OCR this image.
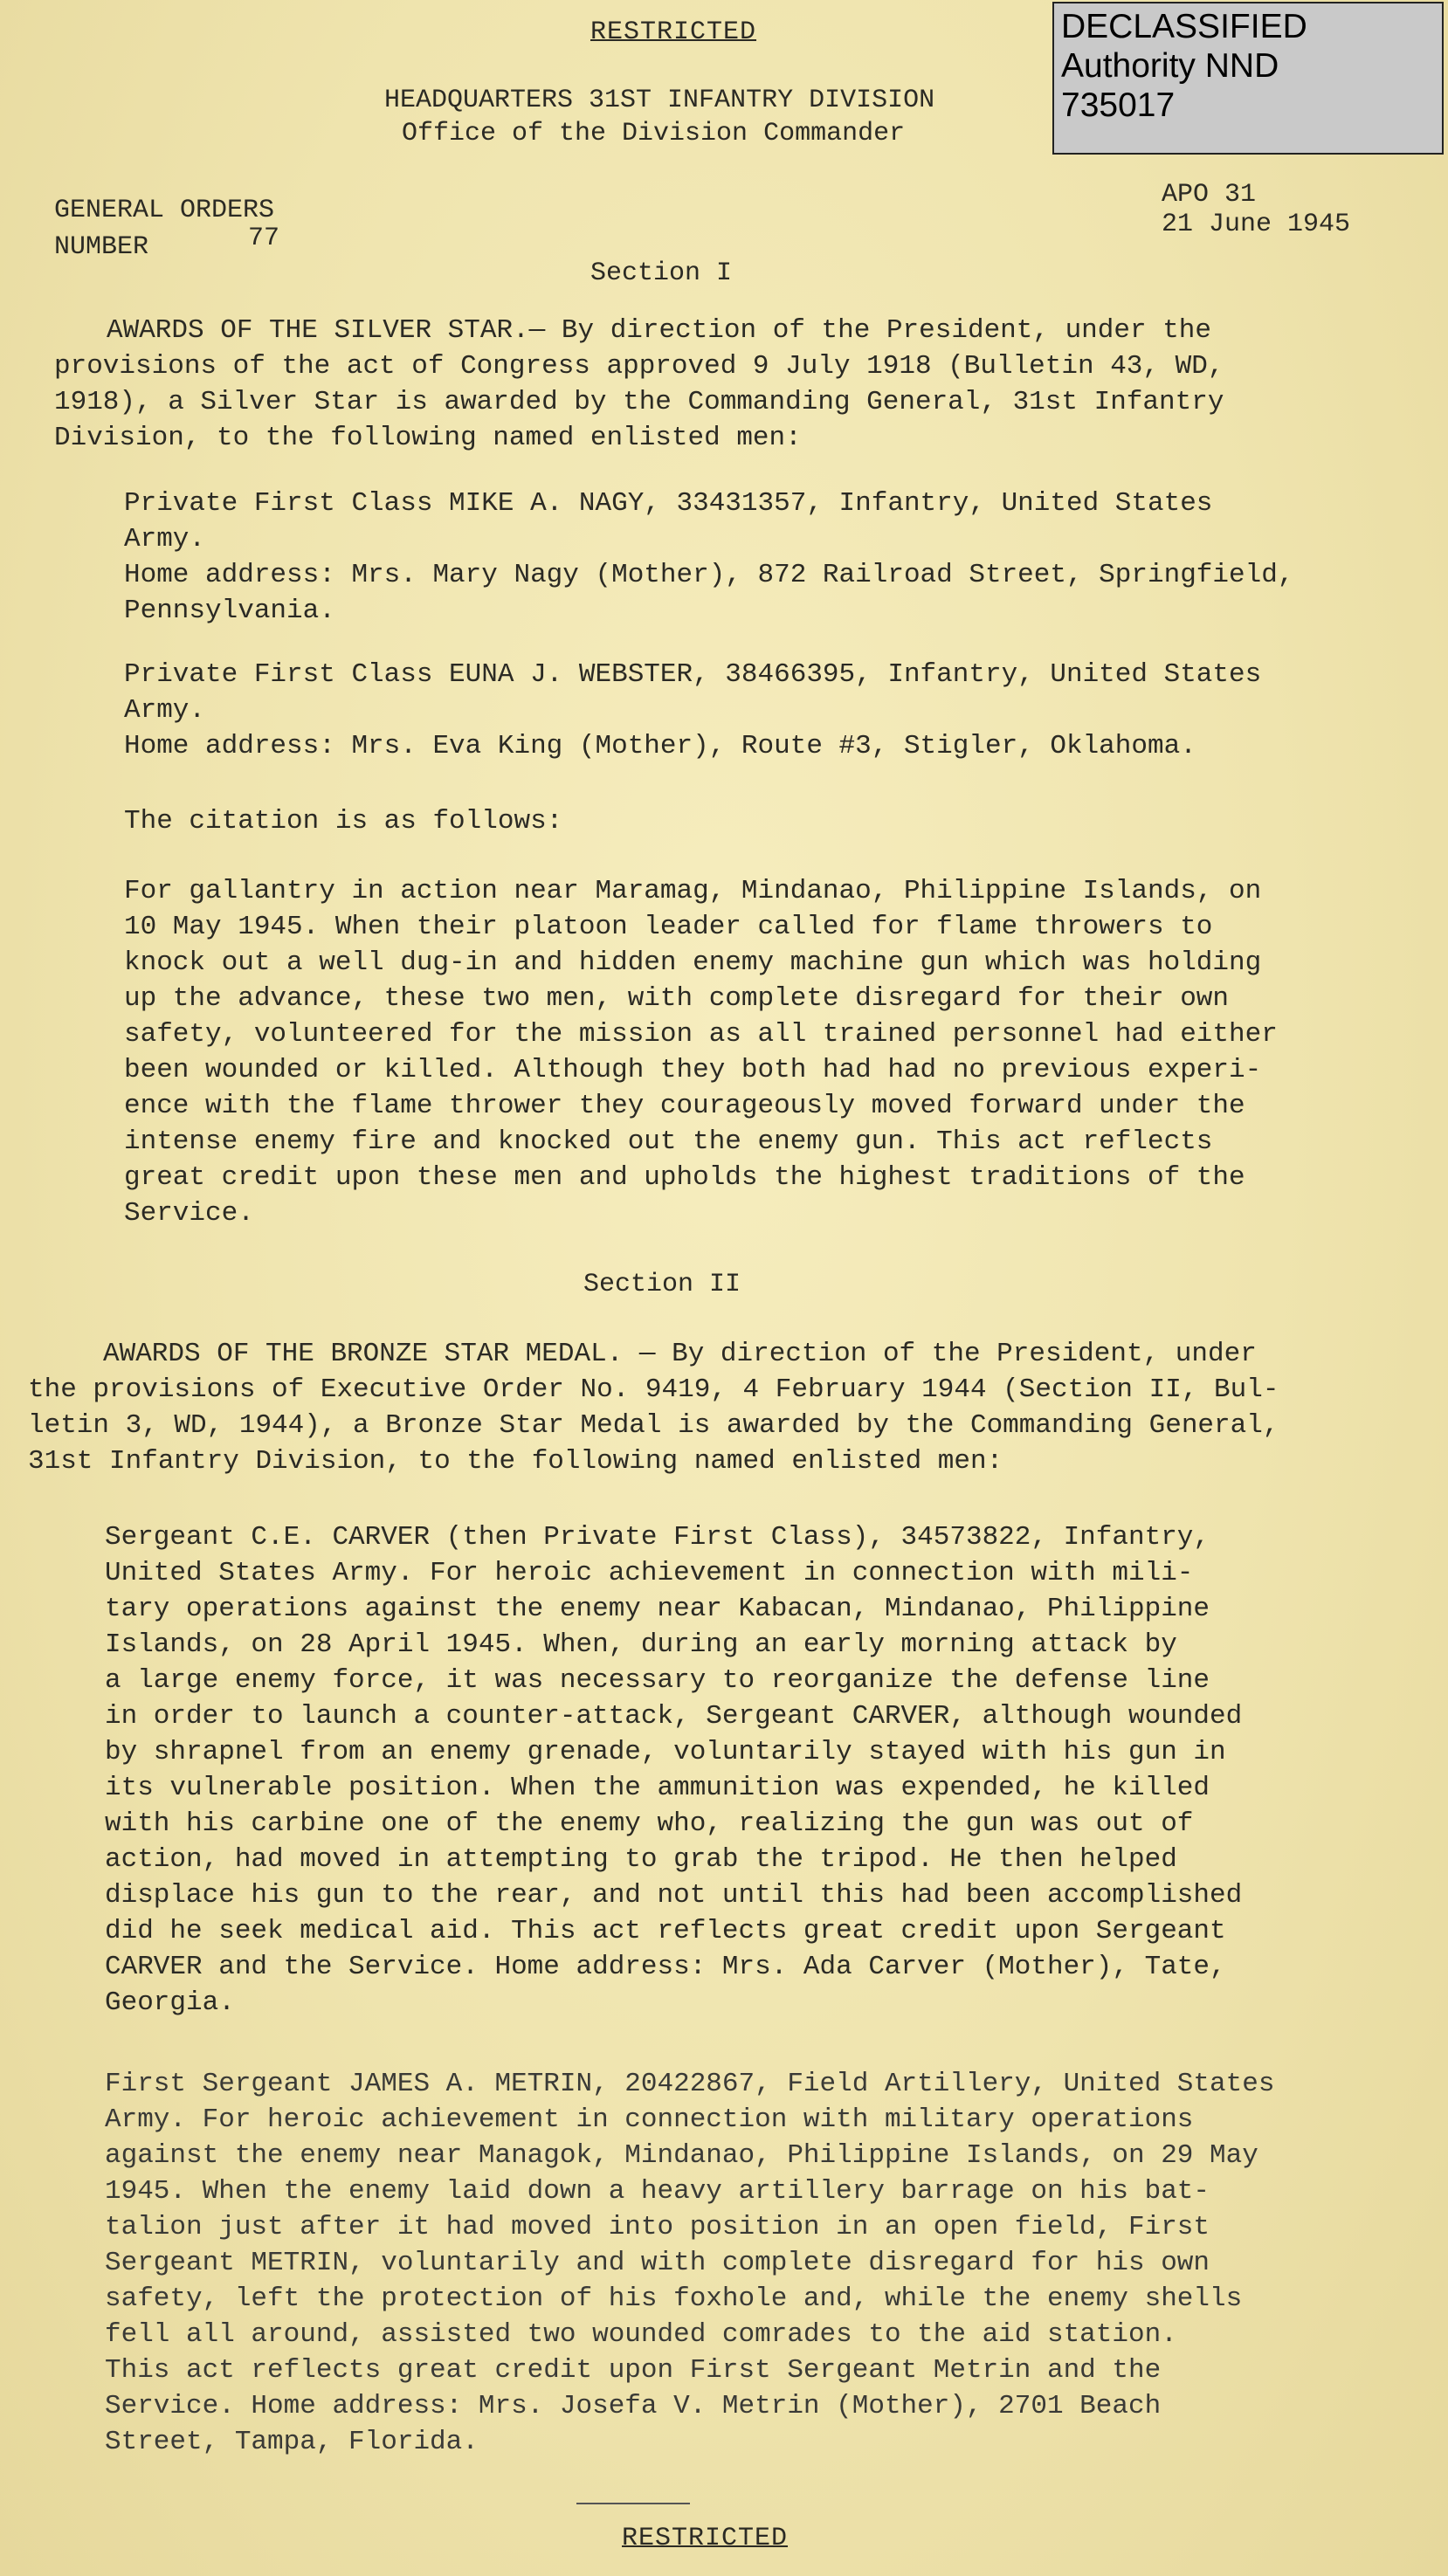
DECLASSIFIED
Authority NND
735017
RESTRICTED
HEADQUARTERS 31ST INFANTRY DIVISION
Office of the Division Commander
GENERAL ORDERS
NUMBER	77
APO 31
21 June 1945
Section I
AWARDS OF THE SILVER STAR.— By direction of the President, under the
provisions of the act of Congress approved 9 July 1918 (Bulletin 43, WD,
1918), a Silver Star is awarded by the Commanding General, 31st Infantry
Division, to the following named enlisted men:
Private First Class MIKE A. NAGY, 33431357, Infantry, United States
Army.
Home address: Mrs. Mary Nagy (Mother), 872 Railroad Street, Springfield,
Pennsylvania.
Private First Class EUNA J. WEBSTER, 38466395, Infantry, United States
Army.
Home address: Mrs. Eva King (Mother), Route #3, Stigler, Oklahoma.
The citation is as follows:
For gallantry in action near Maramag, Mindanao, Philippine Islands, on
10 May 1945. When their platoon leader called for flame throwers to
knock out a well dug-in and hidden enemy machine gun which was holding
up the advance, these two men, with complete disregard for their own
safety, volunteered for the mission as all trained personnel had either
been wounded or killed. Although they both had had no previous experi-
ence with the flame thrower they courageously moved forward under the
intense enemy fire and knocked out the enemy gun. This act reflects
great credit upon these men and upholds the highest traditions of the
Service.
Section II
AWARDS OF THE BRONZE STAR MEDAL. — By direction of the President, under
the provisions of Executive Order No. 9419, 4 February 1944 (Section II, Bul-
letin 3, WD, 1944), a Bronze Star Medal is awarded by the Commanding General,
31st Infantry Division, to the following named enlisted men:
Sergeant C.E. CARVER (then Private First Class), 34573822, Infantry,
United States Army. For heroic achievement in connection with mili-
tary operations against the enemy near Kabacan, Mindanao, Philippine
Islands, on 28 April 1945. When, during an early morning attack by
a large enemy force, it was necessary to reorganize the defense line
in order to launch a counter-attack, Sergeant CARVER, although wounded
by shrapnel from an enemy grenade, voluntarily stayed with his gun in
its vulnerable position. When the ammunition was expended, he killed
with his carbine one of the enemy who, realizing the gun was out of
action, had moved in attempting to grab the tripod. He then helped
displace his gun to the rear, and not until this had been accomplished
did he seek medical aid. This act reflects great credit upon Sergeant
CARVER and the Service. Home address: Mrs. Ada Carver (Mother), Tate,
Georgia.
First Sergeant JAMES A. METRIN, 20422867, Field Artillery, United States
Army. For heroic achievement in connection with military operations
against the enemy near Managok, Mindanao, Philippine Islands, on 29 May
1945. When the enemy laid down a heavy artillery barrage on his bat-
talion just after it had moved into position in an open field, First
Sergeant METRIN, voluntarily and with complete disregard for his own
safety, left the protection of his foxhole and, while the enemy shells
fell all around, assisted two wounded comrades to the aid station.
This act reflects great credit upon First Sergeant Metrin and the
Service. Home address: Mrs. Josefa V. Metrin (Mother), 2701 Beach
Street, Tampa, Florida.
RESTRICTED
